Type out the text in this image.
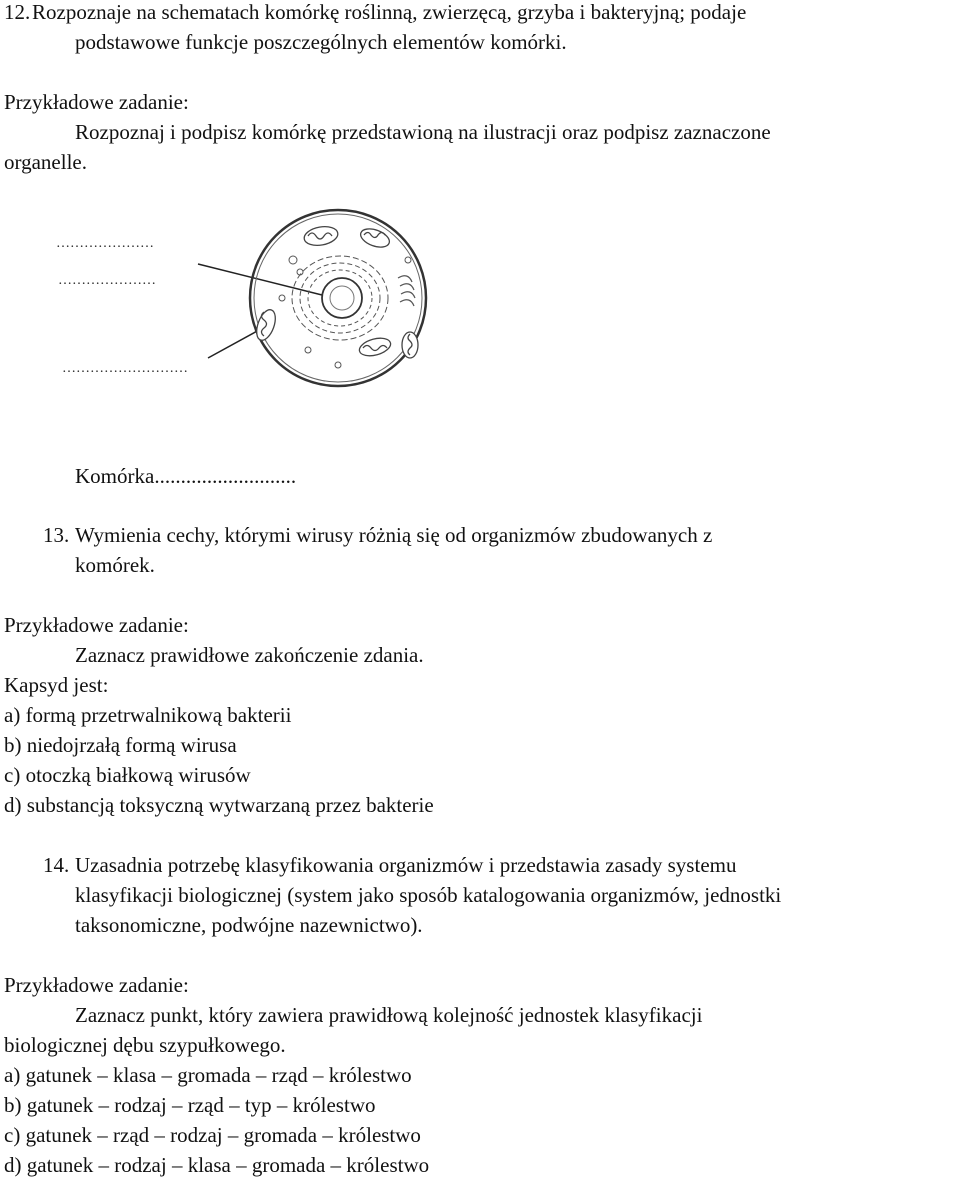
12. Rozpoznaje na schematach komórkę roślinną, zwierzęcą, grzyba i bakteryjną; podaje
podstawowe funkcje poszczególnych elementów komórki.
Przykładowe zadanie:
Rozpoznaj i podpisz komórkę przedstawioną na ilustracji oraz podpisz zaznaczone
organelle.
…………………
…………………
………………………
Komórka...........................
13. Wymienia cechy, którymi wirusy różnią się od organizmów zbudowanych z
komórek.
Przykładowe zadanie:
Zaznacz prawidłowe zakończenie zdania.
Kapsyd jest:
a) formą przetrwalnikową bakterii
b) niedojrzałą formą wirusa
c) otoczką białkową wirusów
d) substancją toksyczną wytwarzaną przez bakterie
14. Uzasadnia potrzebę klasyfikowania organizmów i przedstawia zasady systemu
klasyfikacji biologicznej (system jako sposób katalogowania organizmów, jednostki
taksonomiczne, podwójne nazewnictwo).
Przykładowe zadanie:
Zaznacz punkt, który zawiera prawidłową kolejność jednostek klasyfikacji
biologicznej dębu szypułkowego.
a) gatunek – klasa – gromada – rząd – królestwo
b) gatunek – rodzaj – rząd – typ – królestwo
c) gatunek – rząd – rodzaj – gromada – królestwo
d) gatunek – rodzaj – klasa – gromada – królestwo
